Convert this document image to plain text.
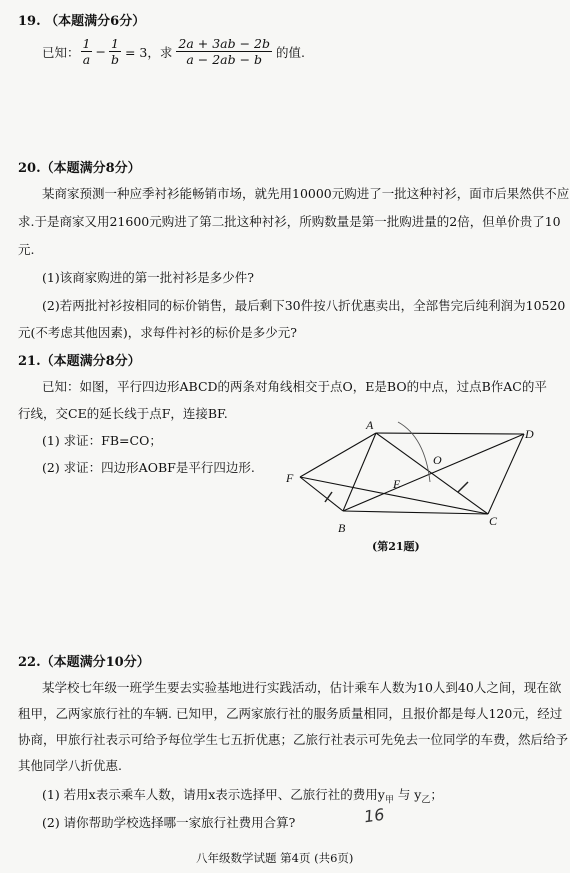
19. （本题满分6分）
已知： $\frac{1}{a} - \frac{1}{b} = 3$，求 $\frac{2a + 3ab - 2b}{a - 2ab - b}$ 的值.
20.（本题满分8分）
某商家预测一种应季衬衫能畅销市场，就先用10000元购进了一批这种衬衫，面市后果然供不应
求.于是商家又用21600元购进了第二批这种衬衫，所购数量是第一批购进量的2倍，但单价贵了10
元.
(1)该商家购进的第一批衬衫是多少件?
(2)若两批衬衫按相同的标价销售，最后剩下30件按八折优惠卖出，全部售完后纯利润为10520
元(不考虑其他因素)，求每件衬衫的标价是多少元?
21.（本题满分8分）
已知：如图，平行四边形ABCD的两条对角线相交于点O，E是BO的中点，过点B作AC的平
行线，交CE的延长线于点F，连接BF.
(1) 求证：FB=CO；
(2) 求证：四边形AOBF是平行四边形.
A
D
C
B
F
O
E
(第21题)
22.（本题满分10分）
某学校七年级一班学生要去实验基地进行实践活动，估计乘车人数为10人到40人之间，现在欲
租甲，乙两家旅行社的车辆. 已知甲，乙两家旅行社的服务质量相同，且报价都是每人120元，经过
协商，甲旅行社表示可给予每位学生七五折优惠；乙旅行社表示可先免去一位同学的车费，然后给予
其他同学八折优惠.
(1) 若用x表示乘车人数，请用x表示选择甲、乙旅行社的费用$y_甲$ 与 $y_乙$；
(2) 请你帮助学校选择哪一家旅行社费用合算?	16
八年级数学试题 第4页 (共6页)
